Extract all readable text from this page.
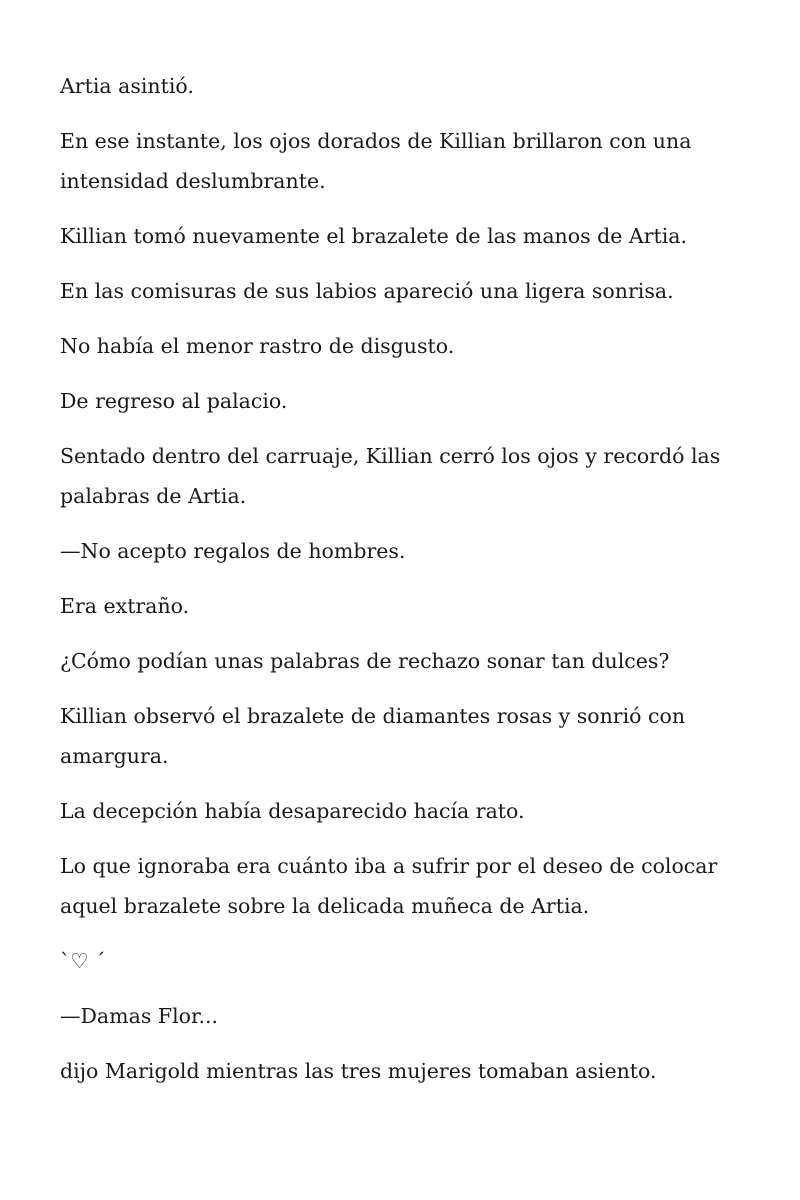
Artia asintió.

En ese instante, los ojos dorados de Killian brillaron con una intensidad deslumbrante.

Killian tomó nuevamente el brazalete de las manos de Artia.

En las comisuras de sus labios apareció una ligera sonrisa.

No había el menor rastro de disgusto.

De regreso al palacio.

Sentado dentro del carruaje, Killian cerró los ojos y recordó las palabras de Artia.

—No acepto regalos de hombres.

Era extraño.

¿Cómo podían unas palabras de rechazo sonar tan dulces?

Killian observó el brazalete de diamantes rosas y sonrió con amargura.

La decepción había desaparecido hacía rato.

Lo que ignoraba era cuánto iba a sufrir por el deseo de colocar aquel brazalete sobre la delicada muñeca de Artia.

⁠`⁠♡ ⁠´⁠

—Damas Flor...

dijo Marigold mientras las tres mujeres tomaban asiento.
